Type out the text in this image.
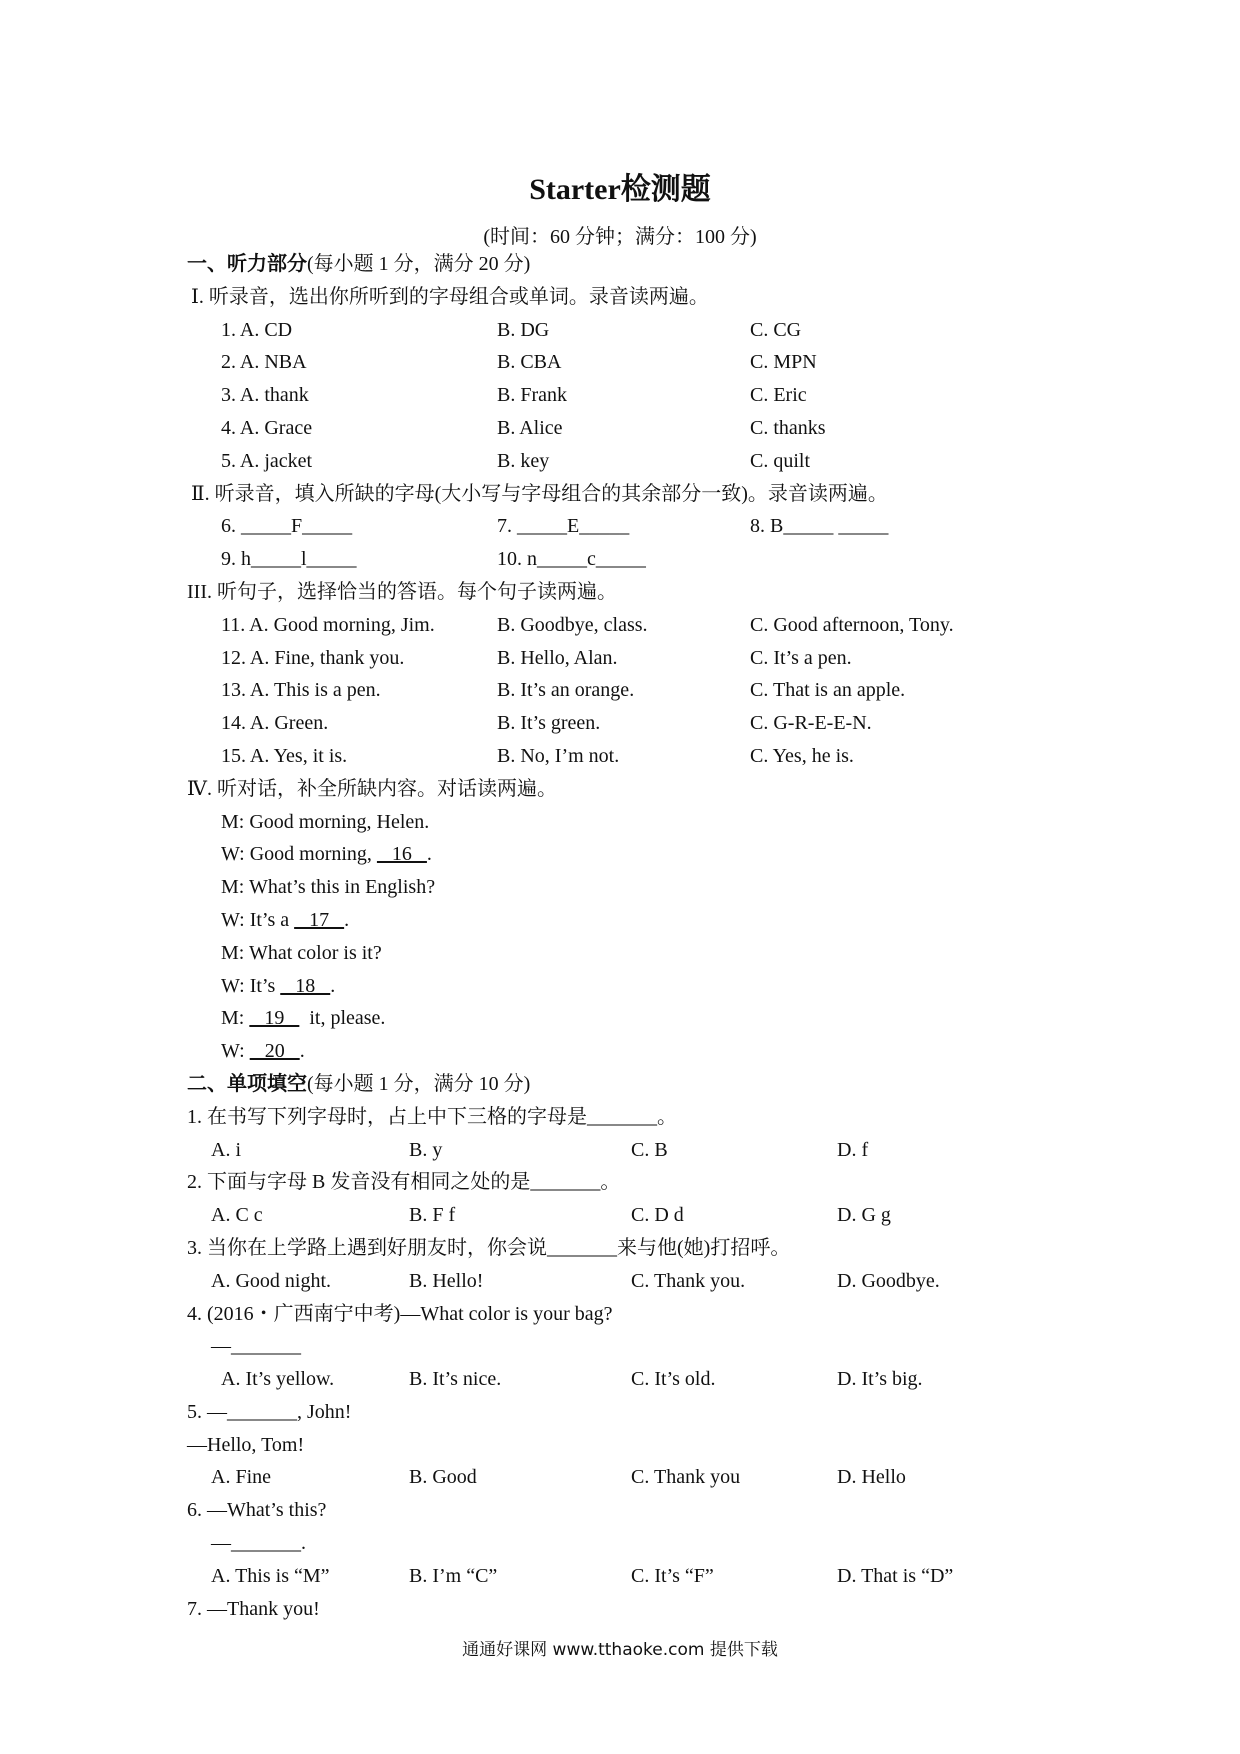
Starter检测题
(时间：60 分钟；满分：100 分)
一、听力部分(每小题 1 分，满分 20 分)
Ⅰ. 听录音，选出你所听到的字母组合或单词。录音读两遍。
1. A. CD	B. DG	C. CG
2. A. NBA	B. CBA	C. MPN
3. A. thank	B. Frank	C. Eric
4. A. Grace	B. Alice	C. thanks
5. A. jacket	B. key	C. quilt
Ⅱ. 听录音，填入所缺的字母(大小写与字母组合的其余部分一致)。录音读两遍。
6. _____F_____	7. _____E_____	8. B_____ _____
9. h_____l_____	10. n_____c_____
III. 听句子，选择恰当的答语。每个句子读两遍。
11. A. Good morning, Jim.	B. Goodbye, class.	C. Good afternoon, Tony.
12. A. Fine, thank you.	B. Hello, Alan.	C. It’s a pen.
13. A. This is a pen.	B. It’s an orange.	C. That is an apple.
14. A. Green.	B. It’s green.	C. G-R-E-E-N.
15. A. Yes, it is.	B. No, I’m not.	C. Yes, he is.
Ⅳ. 听对话，补全所缺内容。对话读两遍。
M: Good morning, Helen.
W: Good morning,    16   .
M: What’s this in English?
W: It’s a    17   .
M: What color is it?
W: It’s    18   .
M:    19     it, please.
W:    20   .
二、单项填空(每小题 1 分，满分 10 分)
1. 在书写下列字母时，占上中下三格的字母是_______。
A. i	B. y	C. B	D. f
2. 下面与字母 B 发音没有相同之处的是_______。
A. C c	B. F f	C. D d	D. G g
3. 当你在上学路上遇到好朋友时，你会说_______来与他(她)打招呼。
A. Good night.	B. Hello!	C. Thank you.	D. Goodbye.
4. (2016・广西南宁中考)—What color is your bag?
—_______
A. It’s yellow.	B. It’s nice.	C. It’s old.	D. It’s big.
5. —_______, John!
—Hello, Tom!
A. Fine	B. Good	C. Thank you	D. Hello
6. —What’s this?
—_______.
A. This is “M”	B. I’m “C”	C. It’s “F”	D. That is “D”
7. —Thank you!
通通好课网 www.tthaoke.com 提供下载
